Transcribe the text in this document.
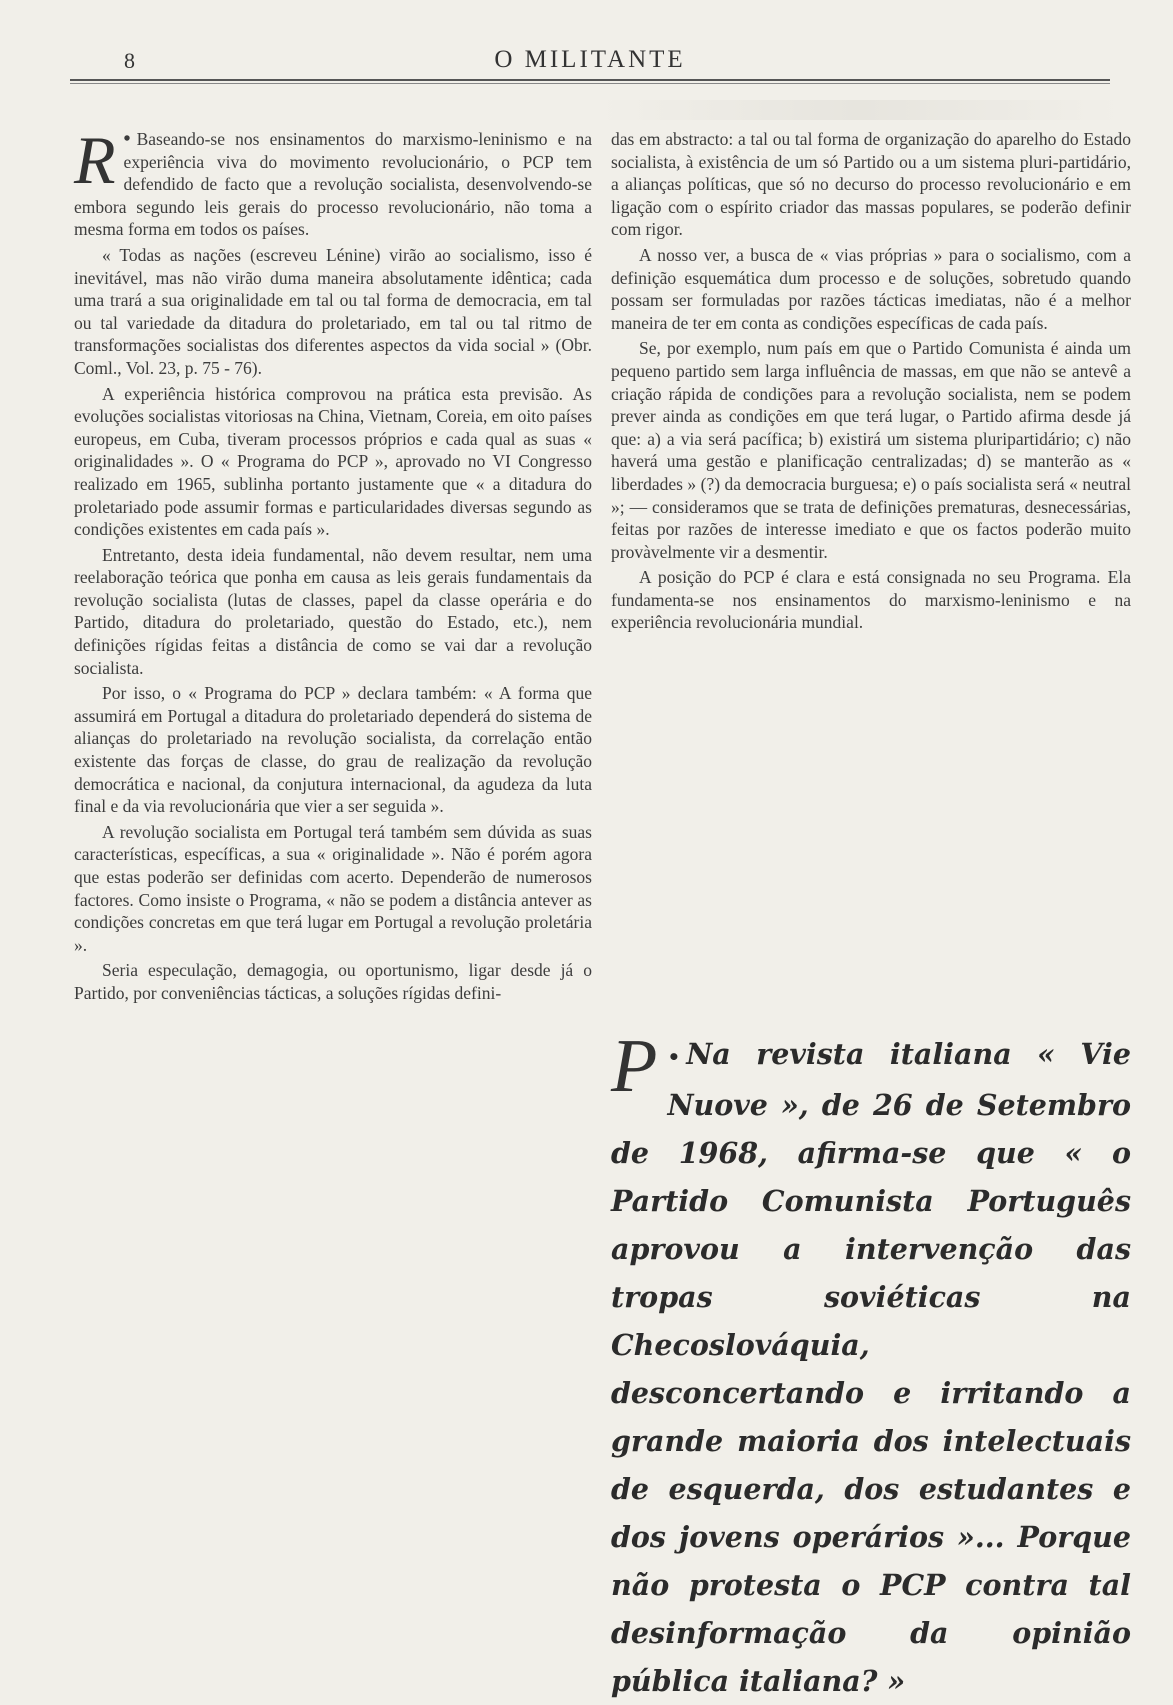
8	O MILITANTE

R • Baseando-se nos ensinamentos do marxismo-leninismo e na experiência viva do movimento revolucionário, o PCP tem defendido de facto que a revolução socialista, desenvolvendo-se embora segundo leis gerais do processo revolucionário, não toma a mesma forma em todos os países.

« Todas as nações (escreveu Lénine) virão ao socialismo, isso é inevitável, mas não virão duma maneira absolutamente idêntica; cada uma trará a sua originalidade em tal ou tal forma de democracia, em tal ou tal variedade da ditadura do proletariado, em tal ou tal ritmo de transformações socialistas dos diferentes aspectos da vida social » (Obr. Coml., Vol. 23, p. 75 - 76).

A experiência histórica comprovou na prática esta previsão. As evoluções socialistas vitoriosas na China, Vietnam, Coreia, em oito países europeus, em Cuba, tiveram processos próprios e cada qual as suas « originalidades ». O « Programa do PCP », aprovado no VI Congresso realizado em 1965, sublinha portanto justamente que « a ditadura do proletariado pode assumir formas e particularidades diversas segundo as condições existentes em cada país ».

Entretanto, desta ideia fundamental, não devem resultar, nem uma reelaboração teórica que ponha em causa as leis gerais fundamentais da revolução socialista (lutas de classes, papel da classe operária e do Partido, ditadura do proletariado, questão do Estado, etc.), nem definições rígidas feitas a distância de como se vai dar a revolução socialista.

Por isso, o « Programa do PCP » declara também: « A forma que assumirá em Portugal a ditadura do proletariado dependerá do sistema de alianças do proletariado na revolução socialista, da correlação então existente das forças de classe, do grau de realização da revolução democrática e nacional, da conjutura internacional, da agudeza da luta final e da via revolucionária que vier a ser seguida ».

A revolução socialista em Portugal terá também sem dúvida as suas características, específicas, a sua « originalidade ». Não é porém agora que estas poderão ser definidas com acerto. Dependerão de numerosos factores. Como insiste o Programa, « não se podem a distância antever as condições concretas em que terá lugar em Portugal a revolução proletária ».

Seria especulação, demagogia, ou oportunismo, ligar desde já o Partido, por conveniências tácticas, a soluções rígidas defini-

das em abstracto: a tal ou tal forma de organização do aparelho do Estado socialista, à existência de um só Partido ou a um sistema pluri-partidário, a alianças políticas, que só no decurso do processo revolucionário e em ligação com o espírito criador das massas populares, se poderão definir com rigor.

A nosso ver, a busca de « vias próprias » para o socialismo, com a definição esquemática dum processo e de soluções, sobretudo quando possam ser formuladas por razões tácticas imediatas, não é a melhor maneira de ter em conta as condições específicas de cada país.

Se, por exemplo, num país em que o Partido Comunista é ainda um pequeno partido sem larga influência de massas, em que não se antevê a criação rápida de condições para a revolução socialista, nem se podem prever ainda as condições em que terá lugar, o Partido afirma desde já que: a) a via será pacífica; b) existirá um sistema pluripartidário; c) não haverá uma gestão e planificação centralizadas; d) se manterão as « liberdades » (?) da democracia burguesa; e) o país socialista será « neutral »; — consideramos que se trata de definições prematuras, desnecessárias, feitas por razões de interesse imediato e que os factos poderão muito provàvelmente vir a desmentir.

A posição do PCP é clara e está consignada no seu Programa. Ela fundamenta-se nos ensinamentos do marxismo-leninismo e na experiência revolucionária mundial.

P • Na revista italiana « Vie Nuove », de 26 de Setembro de 1968, afirma-se que « o Partido Comunista Português aprovou a intervenção das tropas soviéticas na Checoslováquia, desconcertando e irritando a grande maioria dos intelectuais de esquerda, dos estudantes e dos jovens operários »... Porque não protesta o PCP contra tal desinformação da opinião pública italiana? »
